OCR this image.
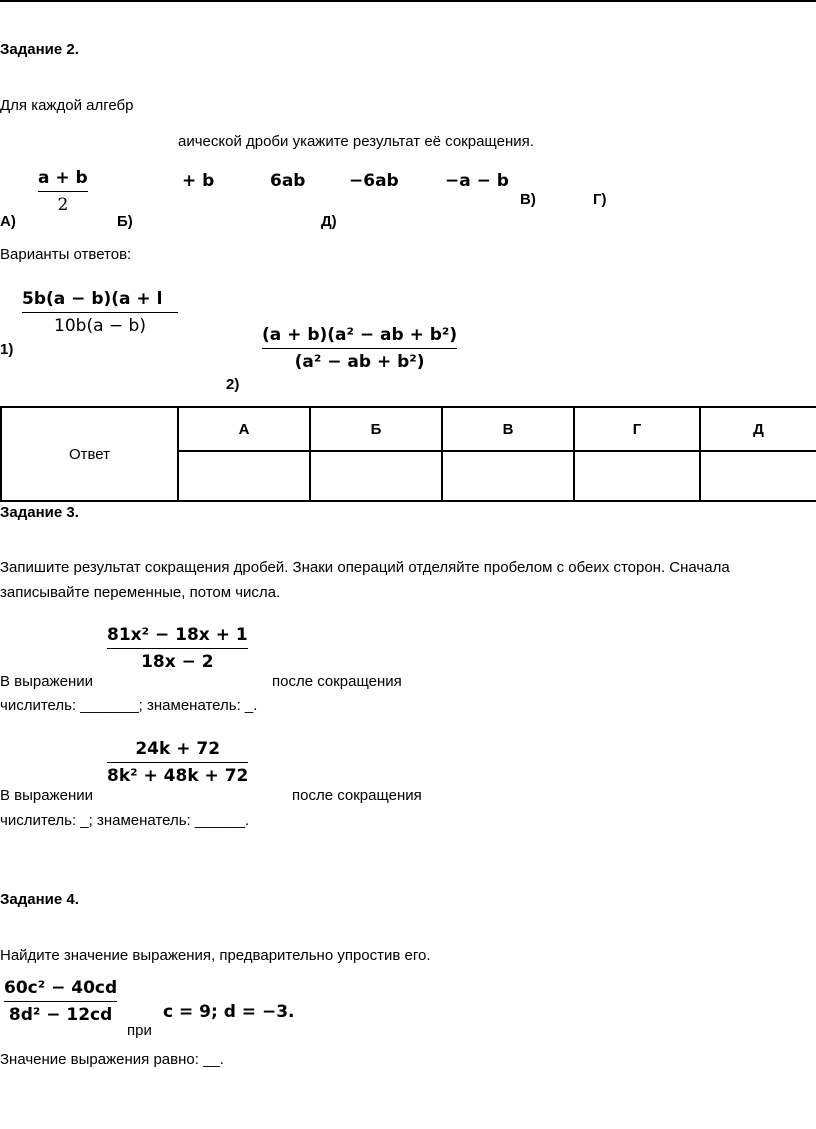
Задание 2.
Для каждой алгебр
аической дроби укажите результат её сокращения.
a + b
2
+ b	6ab	−6ab	−a − b
А)	Б)	Д)
В)	Г)
Варианты ответов:
1)
5b(a − b)(a + l
10b(a − b)	(a + b)(a² − ab + b²)
(a² − ab + b²)
2)
Ответ	А	Б	В	Г	Д

Задание 3.
Запишите результат сокращения дробей. Знаки операций отделяйте пробелом с обеих сторон. Сначала
записывайте переменные, потом числа.
81x² − 18x + 1
18x − 2
В выражении	после сокращения
числитель: _______; знаменатель: _.
24k + 72
8k² + 48k + 72
В выражении	после сокращения
числитель: _; знаменатель: ______.
Задание 4.
Найдите значение выражения, предварительно упростив его.
60c² − 40cd
8d² − 12cd
при
c = 9; d = −3.
Значение выражения равно: __.
